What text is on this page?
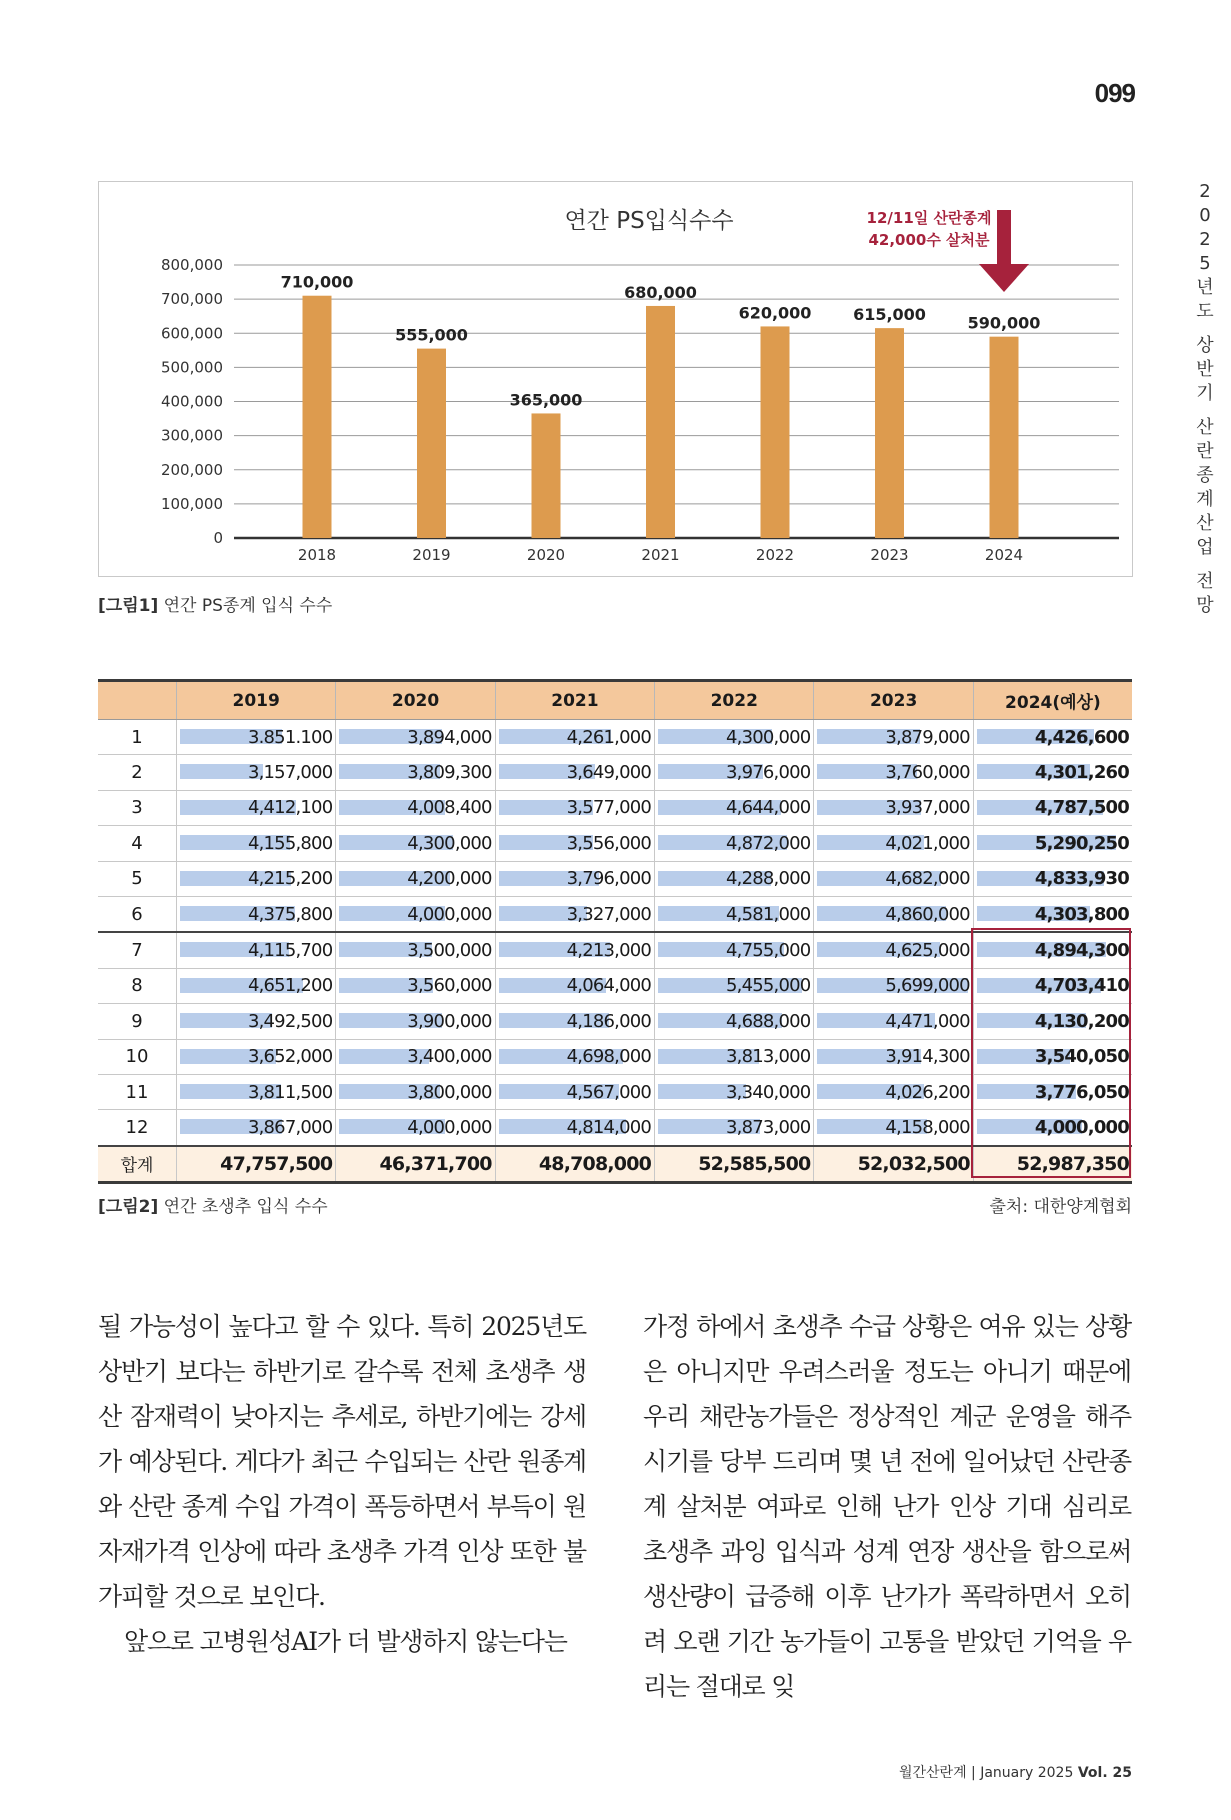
099
2
0
2
5
년
도
상
반
기
산
란
종
계
산
업
전
망
연간 PS입식수수
800,000
700,000
600,000
500,000
400,000
300,000
200,000
100,000
0
710,000
2018
555,000
2019
365,000
2020
680,000
2021
620,000
2022
615,000
2023
590,000
2024
12/11일 산란종계
42,000수 살처분
[그림1] 연간 PS종계 입식 수수
	2019	2020	2021	2022	2023	2024(예상)
1	3.851.100	3,894,000	4,261,000	4,300,000	3,879,000	4,426,600
2	3,157,000	3,809,300	3,649,000	3,976,000	3,760,000	4,301,260
3	4,412,100	4,008,400	3,577,000	4,644,000	3,937,000	4,787,500
4	4,155,800	4,300,000	3,556,000	4,872,000	4,021,000	5,290,250
5	4,215,200	4,200,000	3,796,000	4,288,000	4,682,000	4,833,930
6	4,375,800	4,000,000	3,327,000	4,581,000	4,860,000	4,303,800
7	4,115,700	3,500,000	4,213,000	4,755,000	4,625,000	4,894,300
8	4,651,200	3,560,000	4,064,000	5,455,000	5,699,000	4,703,410
9	3,492,500	3,900,000	4,186,000	4,688,000	4,471,000	4,130,200
10	3,652,000	3,400,000	4,698,000	3,813,000	3,914,300	3,540,050
11	3,811,500	3,800,000	4,567,000	3,340,000	4,026,200	3,776,050
12	3,867,000	4,000,000	4,814,000	3,873,000	4,158,000	4,000,000
합계	47,757,500	46,371,700	48,708,000	52,585,500	52,032,500	52,987,350
[그림2] 연간 초생추 입식 수수	출처: 대한양계협회

될 가능성이 높다고 할 수 있다. 특히 2025년도 상반기 보다는 하반기로 갈수록 전체 초생추 생산 잠재력이 낮아지는 추세로, 하반기에는 강세가 예상된다. 게다가 최근 수입되는 산란 원종계와 산란 종계 수입 가격이 폭등하면서 부득이 원자재가격 인상에 따라 초생추 가격 인상 또한 불가피할 것으로 보인다.

앞으로 고병원성AI가 더 발생하지 않는다는

가정 하에서 초생추 수급 상황은 여유 있는 상황은 아니지만 우려스러울 정도는 아니기 때문에 우리 채란농가들은 정상적인 계군 운영을 해주시기를 당부 드리며 몇 년 전에 일어났던 산란종계 살처분 여파로 인해 난가 인상 기대 심리로 초생추 과잉 입식과 성계 연장 생산을 함으로써 생산량이 급증해 이후 난가가 폭락하면서 오히려 오랜 기간 농가들이 고통을 받았던 기억을 우리는 절대로 잊

월간산란계 | January 2025 Vol. 25
